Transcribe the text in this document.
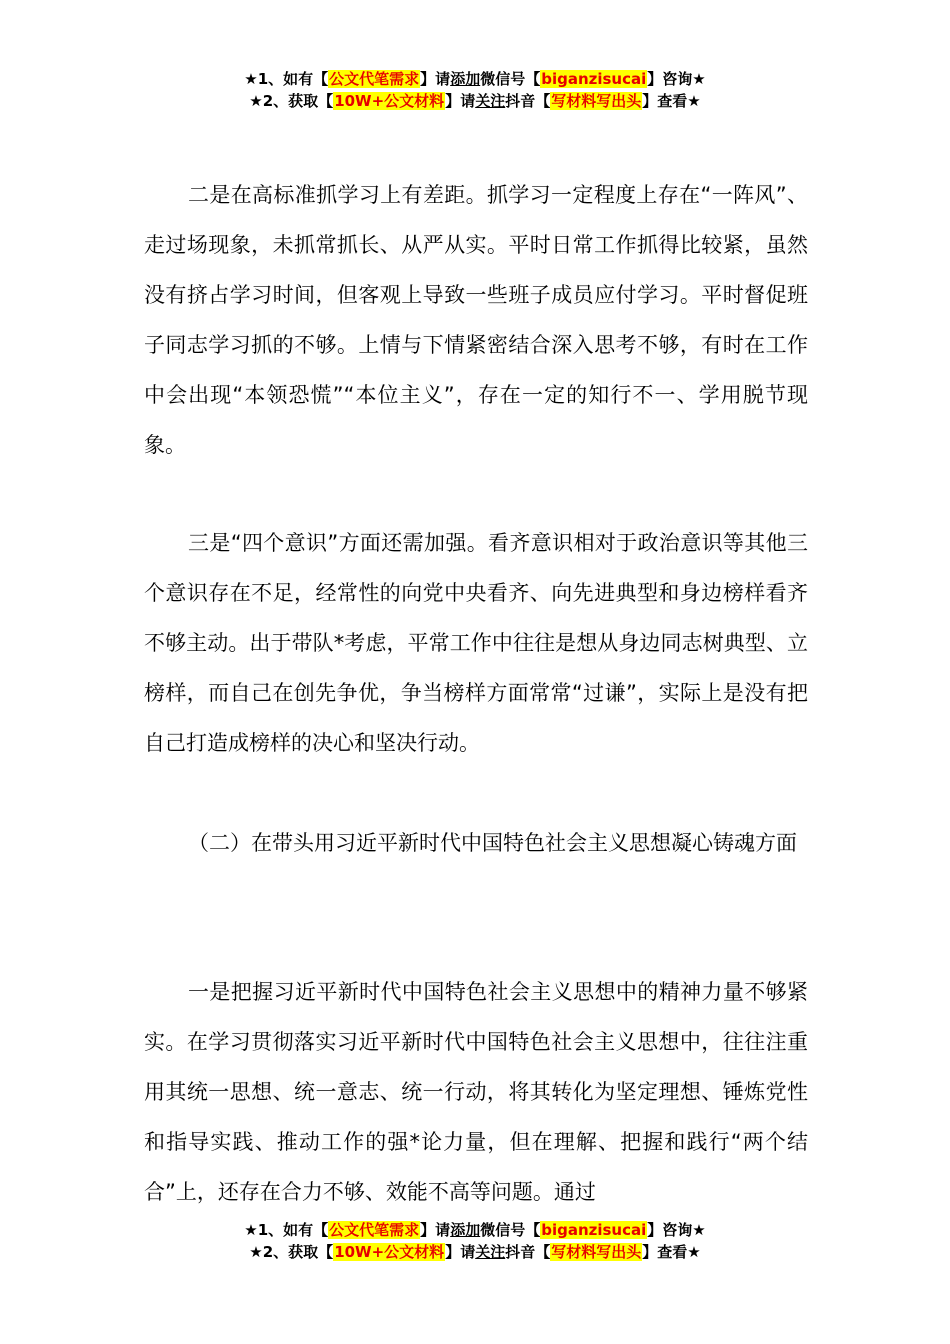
★1、如有【公文代笔需求】请添加微信号【biganzisucai】咨询★
★2、获取【10W+公文材料】请关注抖音【写材料写出头】查看★

二是在高标准抓学习上有差距。抓学习一定程度上存在“一阵风”、走过场现象，未抓常抓长、从严从实。平时日常工作抓得比较紧，虽然没有挤占学习时间，但客观上导致一些班子成员应付学习。平时督促班子同志学习抓的不够。上情与下情紧密结合深入思考不够，有时在工作中会出现“本领恐慌”“本位主义”，存在一定的知行不一、学用脱节现象。

三是“四个意识”方面还需加强。看齐意识相对于政治意识等其他三个意识存在不足，经常性的向党中央看齐、向先进典型和身边榜样看齐不够主动。出于带队*考虑，平常工作中往往是想从身边同志树典型、立榜样，而自己在创先争优，争当榜样方面常常“过谦”，实际上是没有把自己打造成榜样的决心和坚决行动。

（二）在带头用习近平新时代中国特色社会主义思想凝心铸魂方面

一是把握习近平新时代中国特色社会主义思想中的精神力量不够紧实。在学习贯彻落实习近平新时代中国特色社会主义思想中，往往注重用其统一思想、统一意志、统一行动，将其转化为坚定理想、锤炼党性和指导实践、推动工作的强*论力量，但在理解、把握和践行“两个结合”上，还存在合力不够、效能不高等问题。通过

★1、如有【公文代笔需求】请添加微信号【biganzisucai】咨询★
★2、获取【10W+公文材料】请关注抖音【写材料写出头】查看★
